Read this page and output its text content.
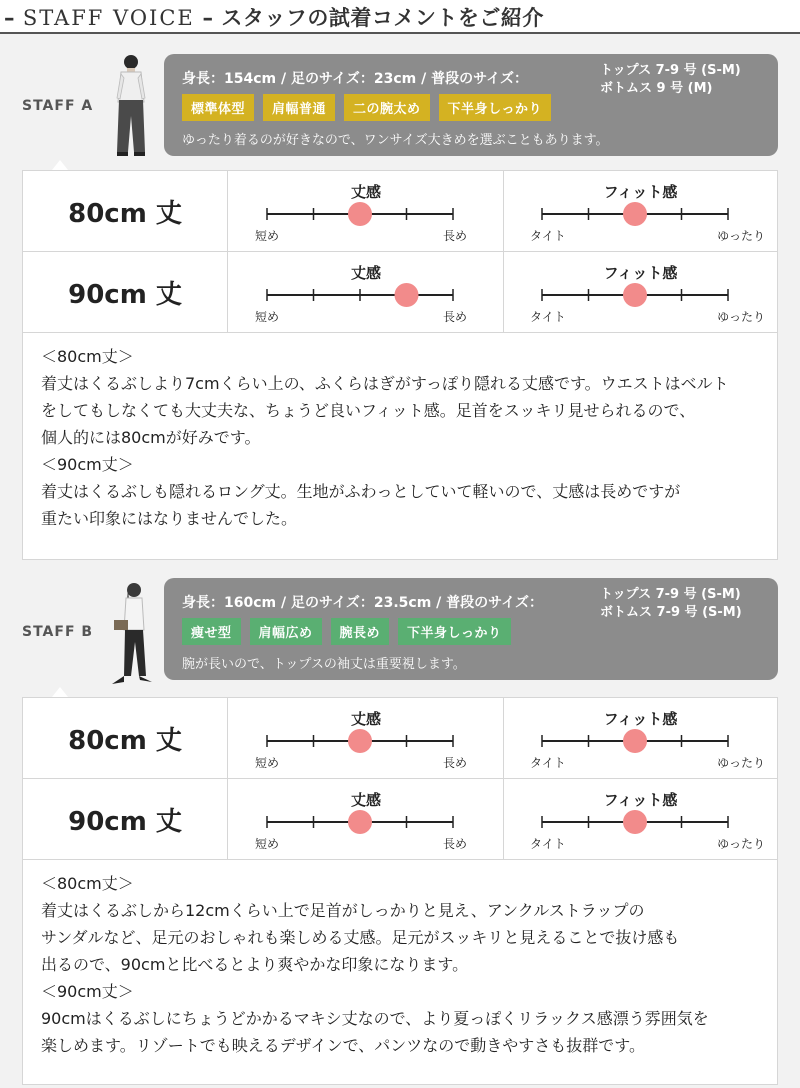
– STAFF VOICE – スタッフの試着コメントをご紹介
STAFF A
身長：154cm / 足のサイズ：23cm / 普段のサイズ：
トップス 7-9 号 (S-M)
ボトムス 9 号 (M)
標準体型	肩幅普通	二の腕太め	下半身しっかり
ゆったり着るのが好きなので、ワンサイズ大きめを選ぶこともあります。
80cm 丈
丈感
短め	長め
フィット感
タイト	ゆったり
90cm 丈
丈感
短め	長め
フィット感
タイト	ゆったり

＜80cm丈＞

着丈はくるぶしより7cmくらい上の、ふくらはぎがすっぽり隠れる丈感です。ウエストはベルト

をしてもしなくても大丈夫な、ちょうど良いフィット感。足首をスッキリ見せられるので、

個人的には80cmが好みです。

＜90cm丈＞

着丈はくるぶしも隠れるロング丈。生地がふわっとしていて軽いので、丈感は長めですが

重たい印象にはなりませんでした。

STAFF B
身長：160cm / 足のサイズ：23.5cm / 普段のサイズ：
トップス 7-9 号 (S-M)
ボトムス 7-9 号 (S-M)
痩せ型	肩幅広め	腕長め	下半身しっかり
腕が長いので、トップスの袖丈は重要視します。
80cm 丈
丈感
短め	長め
フィット感
タイト	ゆったり
90cm 丈
丈感
短め	長め
フィット感
タイト	ゆったり

＜80cm丈＞

着丈はくるぶしから12cmくらい上で足首がしっかりと見え、アンクルストラップの

サンダルなど、足元のおしゃれも楽しめる丈感。足元がスッキリと見えることで抜け感も

出るので、90cmと比べるとより爽やかな印象になります。

＜90cm丈＞

90cmはくるぶしにちょうどかかるマキシ丈なので、より夏っぽくリラックス感漂う雰囲気を

楽しめます。リゾートでも映えるデザインで、パンツなので動きやすさも抜群です。
